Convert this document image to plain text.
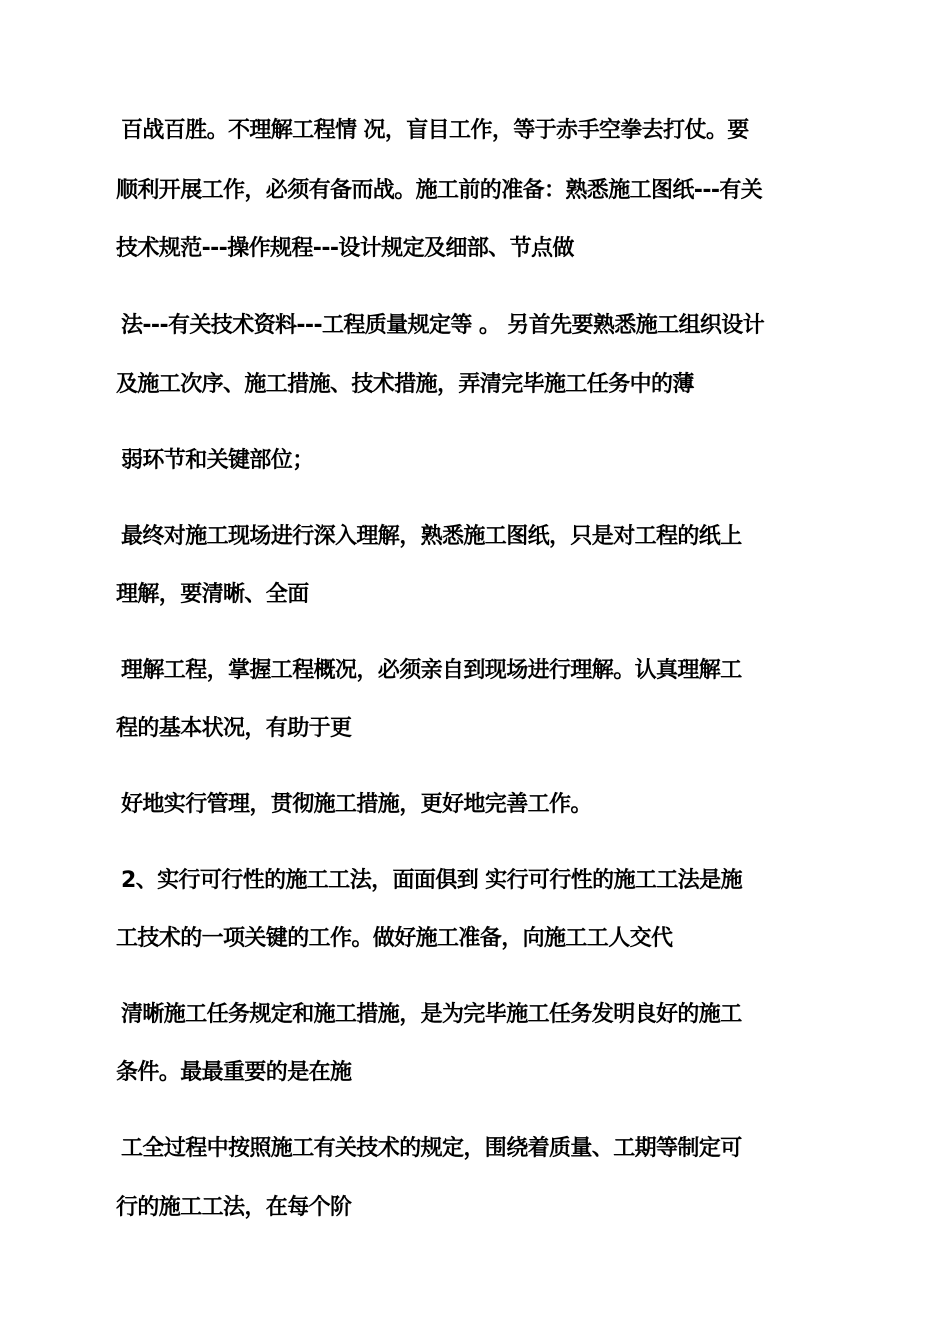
百战百胜。不理解工程情 况，盲目工作，等于赤手空拳去打仗。要

顺利开展工作，必须有备而战。施工前的准备：熟悉施工图纸---有关

技术规范---操作规程---设计规定及细部、节点做

法---有关技术资料---工程质量规定等 。 另首先要熟悉施工组织设计

及施工次序、施工措施、技术措施，弄清完毕施工任务中的薄

弱环节和关键部位；

最终对施工现场进行深入理解，熟悉施工图纸，只是对工程的纸上

理解，要清晰、全面

理解工程，掌握工程概况，必须亲自到现场进行理解。认真理解工

程的基本状况，有助于更

好地实行管理，贯彻施工措施，更好地完善工作。

2、实行可行性的施工工法，面面俱到 实行可行性的施工工法是施

工技术的一项关键的工作。做好施工准备，向施工工人交代

清晰施工任务规定和施工措施，是为完毕施工任务发明良好的施工

条件。最最重要的是在施

工全过程中按照施工有关技术的规定，围绕着质量、工期等制定可

行的施工工法，在每个阶
